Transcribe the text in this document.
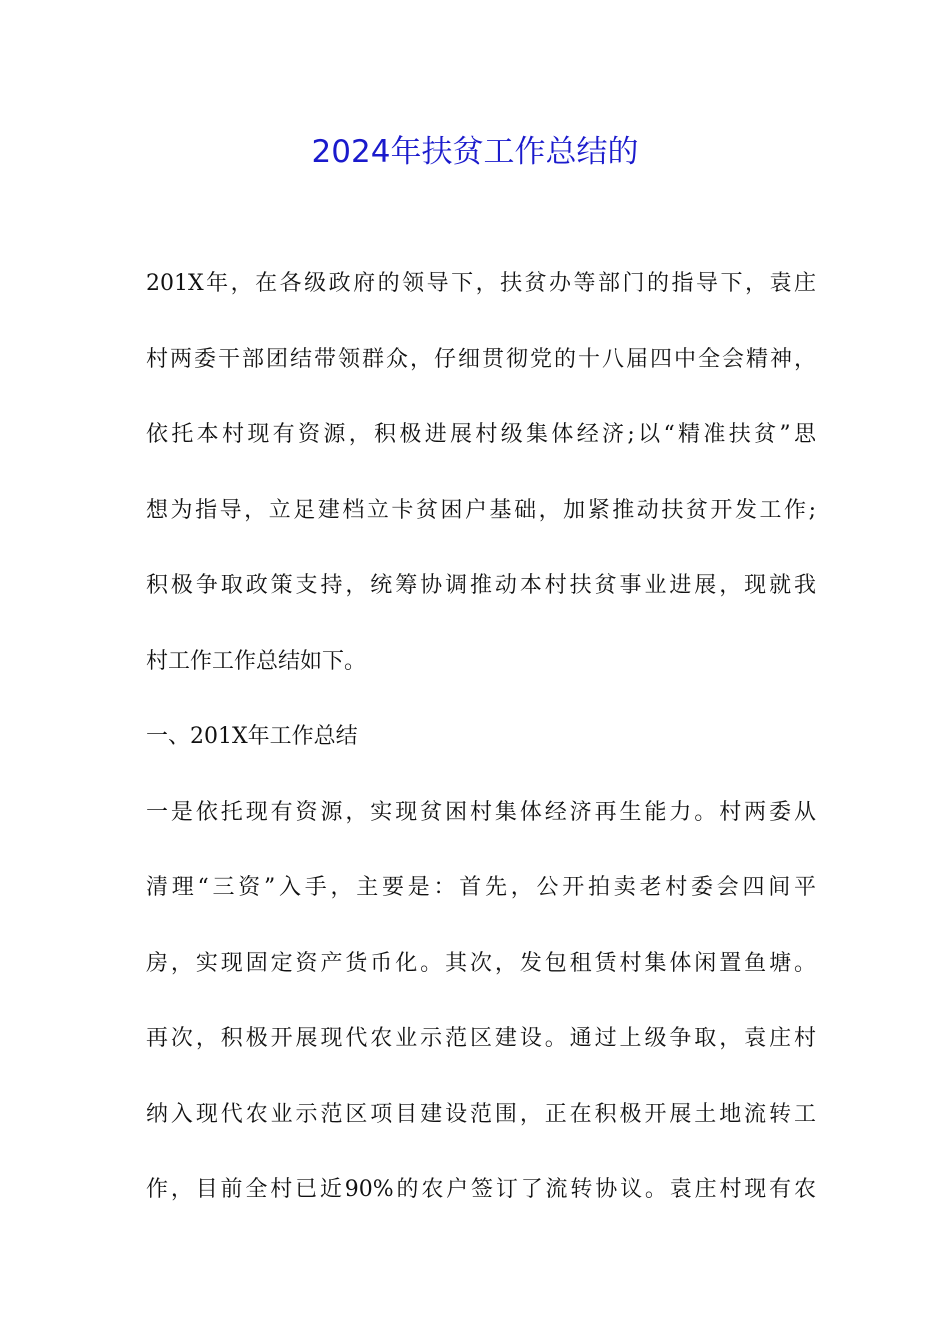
2024年扶贫工作总结的
201X年，在各级政府的领导下，扶贫办等部门的指导下，袁庄
村两委干部团结带领群众，仔细贯彻党的十八届四中全会精神，
依托本村现有资源，积极进展村级集体经济;以“精准扶贫”思
想为指导，立足建档立卡贫困户基础，加紧推动扶贫开发工作;
积极争取政策支持，统筹协调推动本村扶贫事业进展，现就我
村工作工作总结如下。
一、201X年工作总结
一是依托现有资源，实现贫困村集体经济再生能力。村两委从
清理“三资”入手，主要是：首先，公开拍卖老村委会四间平
房，实现固定资产货币化。其次，发包租赁村集体闲置鱼塘。
再次，积极开展现代农业示范区建设。通过上级争取，袁庄村
纳入现代农业示范区项目建设范围，正在积极开展土地流转工
作，目前全村已近90%的农户签订了流转协议。袁庄村现有农
